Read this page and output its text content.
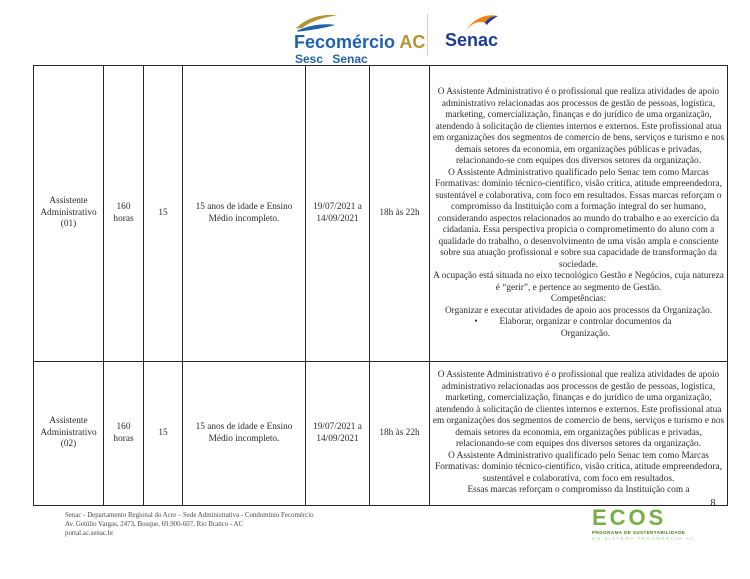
Fecomércio AC
Sesc Senac
Senac
Assistente Administrativo (01)	160 horas	15	15 anos de idade e Ensino Médio incompleto.	19/07/2021 a 14/09/2021	18h às 22h	
O Assistente Administrativo é o profissional que realiza atividades de apoio administrativo relacionadas aos processos de gestão de pessoas, logística, marketing, comercialização, finanças e do jurídico de uma organização, atendendo à solicitação de clientes internos e externos. Este profissional atua em organizações dos segmentos de comercio de bens, serviços e turismo e nos demais setores da economia, em organizações públicas e privadas, relacionando-se com equipes dos diversos setores da organização.
O Assistente Administrativo qualificado pelo Senac tem como Marcas Formativas: domínio técnico-científico, visão crítica, atitude empreendedora, sustentável e colaborativa, com foco em resultados. Essas marcas reforçam o compromisso da Instituição com a formação integral do ser humano, considerando aspectos relacionados ao mundo do trabalho e ao exercício da cidadania. Essa perspectiva propicia o comprometimento do aluno com a qualidade do trabalho, o desenvolvimento de uma visão ampla e consciente sobre sua atuação profissional e sobre sua capacidade de transformação da sociedade.
A ocupação está situada no eixo tecnológico Gestão e Negócios, cuja natureza é “gerir”, e pertence ao segmento de Gestão.
Competências:
Organizar e executar atividades de apoio aos processos da Organização.
•	Elaborar, organizar e controlar documentos da Organização.

Assistente Administrativo (02)	160 horas	15	15 anos de idade e Ensino Médio incompleto.	19/07/2021 a 14/09/2021	18h às 22h	O Assistente Administrativo é o profissional que realiza atividades de apoio administrativo relacionadas aos processos de gestão de pessoas, logística, marketing, comercialização, finanças e do jurídico de uma organização, atendendo à solicitação de clientes internos e externos. Este profissional atua em organizações dos segmentos de comercio de bens, serviços e turismo e nos demais setores da economia, em organizações públicas e privadas, relacionando-se com equipes dos diversos setores da organização.
O Assistente Administrativo qualificado pelo Senac tem como Marcas Formativas: domínio técnico-científico, visão crítica, atitude empreendedora, sustentável e colaborativa, com foco em resultados.
Essas marcas reforçam o compromisso da Instituição com a
Senac - Departamento Regional do Acre – Sede Administrativa - Condomínio Fecomércio
Av. Getúlio Vargas, 2473, Bosque, 69.900-607, Rio Branco - AC
portal.ac.senac.br
8
ECOS
PROGRAMA DE SUSTENTABILIDADE
DO SISTEMA FECOMÉRCIO AC
